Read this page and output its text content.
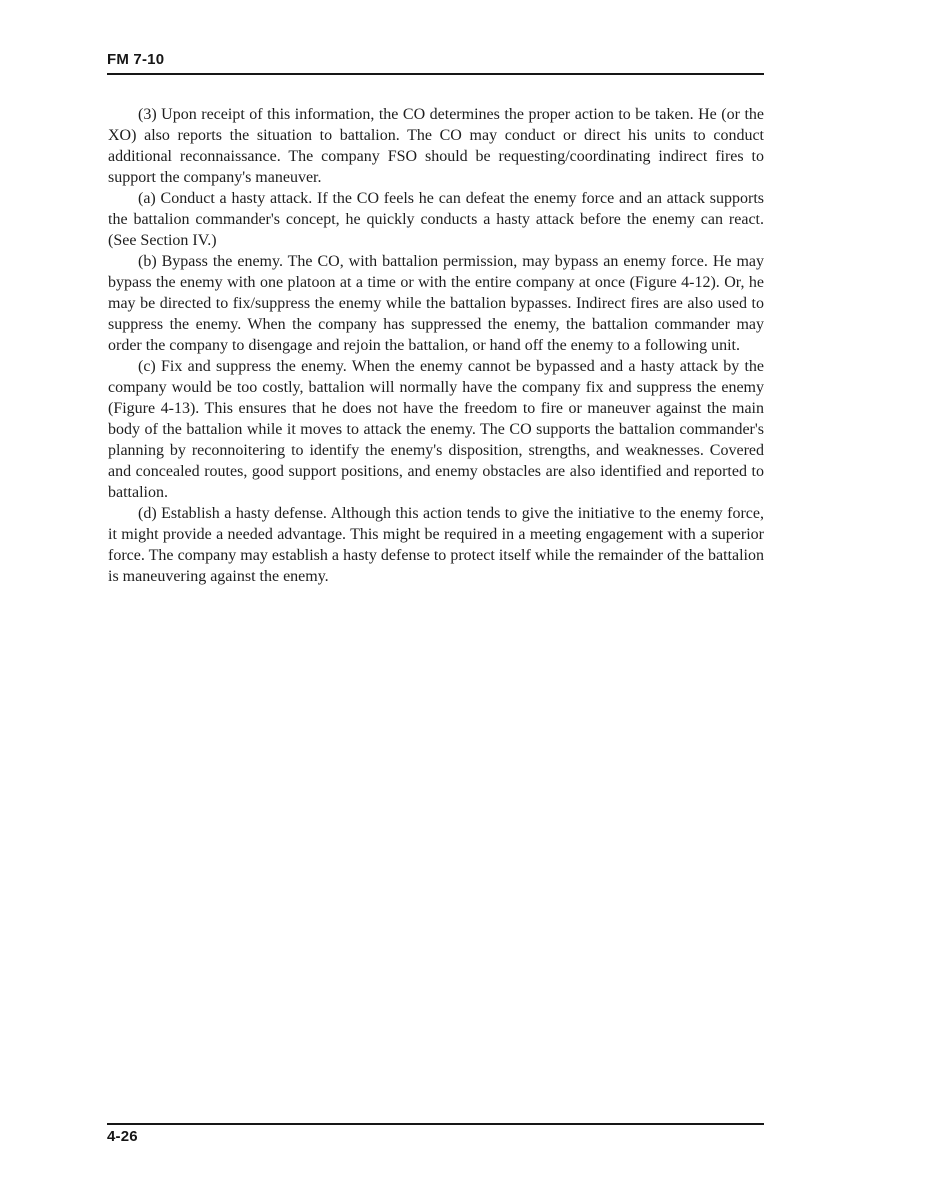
FM 7-10

(3) Upon receipt of this information, the CO determines the proper action to be taken. He (or the XO) also reports the situation to battalion. The CO may conduct or direct his units to conduct additional reconnaissance. The company FSO should be requesting/coordinating indirect fires to support the company's maneuver.

(a) Conduct a hasty attack. If the CO feels he can defeat the enemy force and an attack supports the battalion commander's concept, he quickly conducts a hasty attack before the enemy can react. (See Section IV.)

(b) Bypass the enemy. The CO, with battalion permission, may bypass an enemy force. He may bypass the enemy with one platoon at a time or with the entire company at once (Figure 4-12). Or, he may be directed to fix/suppress the enemy while the battalion bypasses. Indirect fires are also used to suppress the enemy. When the company has suppressed the enemy, the battalion commander may order the company to disengage and rejoin the battalion, or hand off the enemy to a following unit.

(c) Fix and suppress the enemy. When the enemy cannot be bypassed and a hasty attack by the company would be too costly, battalion will normally have the company fix and suppress the enemy (Figure 4-13). This ensures that he does not have the freedom to fire or maneuver against the main body of the battalion while it moves to attack the enemy. The CO supports the battalion commander's planning by reconnoitering to identify the enemy's disposition, strengths, and weaknesses. Covered and concealed routes, good support positions, and enemy obstacles are also identified and reported to battalion.

(d) Establish a hasty defense. Although this action tends to give the initiative to the enemy force, it might provide a needed advantage. This might be required in a meeting engagement with a superior force. The company may establish a hasty defense to protect itself while the remainder of the battalion is maneuvering against the enemy.

4-26
